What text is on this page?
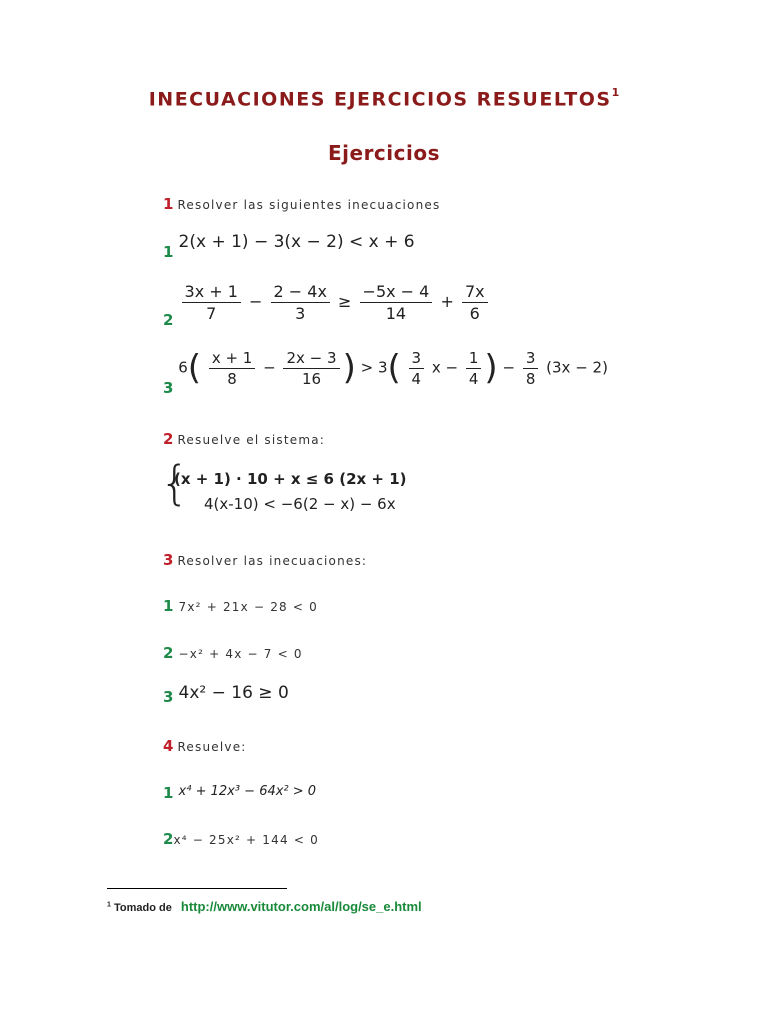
INECUACIONES EJERCICIOS RESUELTOS$^1$
Ejercicios
1 Resolver las siguientes inecuaciones
1 2(x + 1) − 3(x − 2) < x + 6
$2 \frac{3x + 1}{7} - \frac{2 - 4x}{3} \ge \frac{-5x - 4}{14} + \frac{7x}{6}$
3 $6( \frac{x + 1}{8} - \frac{2x - 3}{16}$ ) > $3( \frac{3}{4}$ $x - \frac{1}{4}$ ) − $\frac{3}{8} (3x - 2)$
2 Resuelve el sistema:
{
(x + 1) · 10 + x ≤ 6 (2x + 1)
4(x-10) < −6(2 − x) − 6x
3 Resolver las inecuaciones:
1 7x² + 21x − 28 < 0
2 −x² + 4x − 7 < 0
3 4x² − 16 ≥ 0
4 Resuelve:
1 x⁴ + 12x³ − 64x² > 0
2x⁴ − 25x² + 144 < 0
$^1$ Tomado de http://www.vitutor.com/al/log/se_e.html
